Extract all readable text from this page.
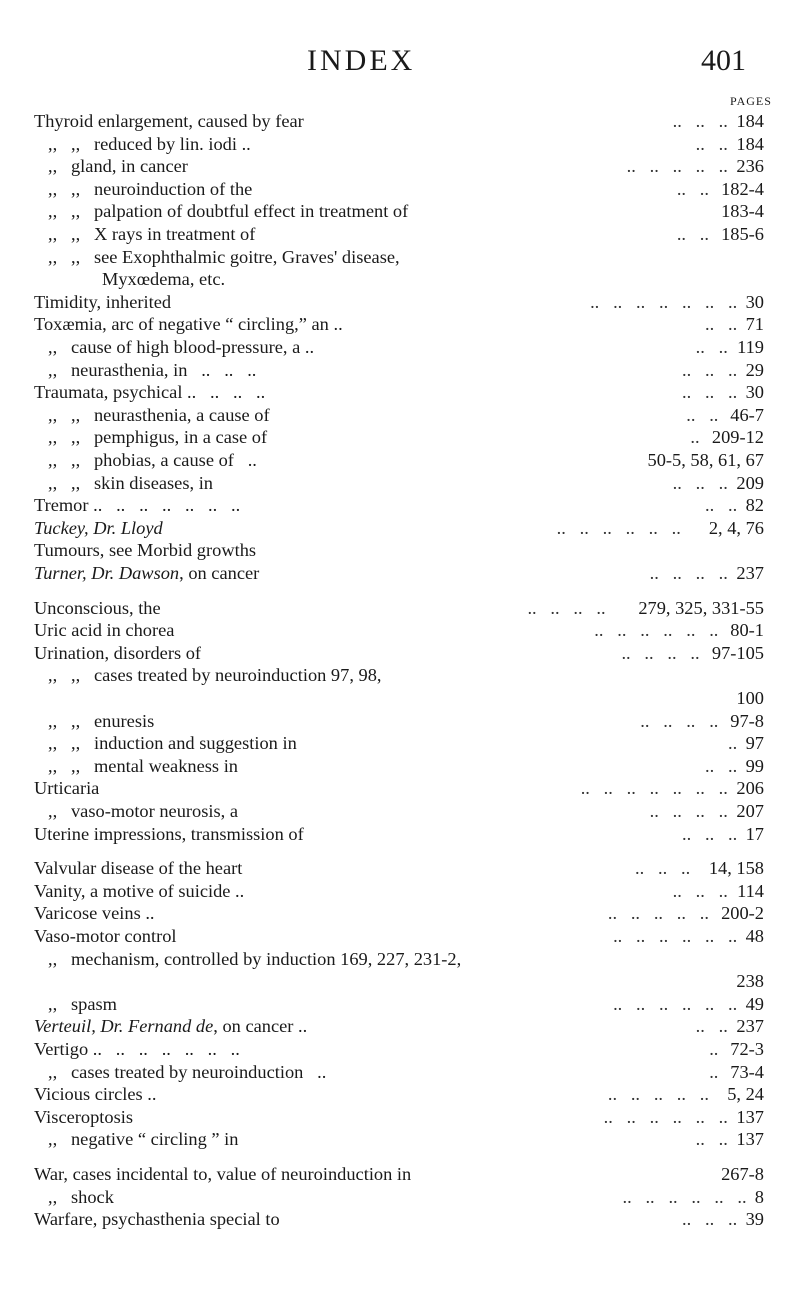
INDEX	401
PAGES
Thyroid enlargement, caused by fear	..   ..   .. 184
,,   ,,   reduced by lin. iodi ..	..   .. 184
,,   gland, in cancer	..   ..   ..   ..   .. 236
,,   ,,   neuroinduction of the	..   .. 182-4
,,   ,,   palpation of doubtful effect in treatment of	183-4
,,   ,,   X rays in treatment of	..   .. 185-6
,,   ,,   see Exophthalmic goitre, Graves' disease,
Myxœdema, etc.
Timidity, inherited	..   ..   ..   ..   ..   ..   .. 30
Toxæmia, arc of negative “ circling,” an ..	..   .. 71
,,   cause of high blood-pressure, a ..	..   .. 119
,,   neurasthenia, in   ..   ..   ..	..   ..   .. 29
Traumata, psychical ..   ..   ..   ..	..   ..   .. 30
,,   ,,   neurasthenia, a cause of	..   .. 46-7
,,   ,,   pemphigus, in a case of	.. 209-12
,,   ,,   phobias, a cause of   ..	50-5, 58, 61, 67
,,   ,,   skin diseases, in	..   ..   .. 209
Tremor ..   ..   ..   ..   ..   ..   ..	..   .. 82
Tuckey, Dr. Lloyd	..   ..   ..   ..   ..   .. 2, 4, 76
Tumours, see Morbid growths
Turner, Dr. Dawson, on cancer	..   ..   ..   .. 237
Unconscious, the	..   ..   ..   .. 279, 325, 331-55
Uric acid in chorea	..   ..   ..   ..   ..   .. 80-1
Urination, disorders of	..   ..   ..   .. 97-105
,,   ,,   cases treated by neuroinduction 97, 98,
100
,,   ,,   enuresis	..   ..   ..   .. 97-8
,,   ,,   induction and suggestion in	.. 97
,,   ,,   mental weakness in	..   .. 99
Urticaria	..   ..   ..   ..   ..   ..   .. 206
,,   vaso-motor neurosis, a	..   ..   ..   .. 207
Uterine impressions, transmission of	..   ..   .. 17
Valvular disease of the heart	..   ..   .. 14, 158
Vanity, a motive of suicide ..	..   ..   .. 114
Varicose veins ..	..   ..   ..   ..   .. 200-2
Vaso-motor control	..   ..   ..   ..   ..   .. 48
,,   mechanism, controlled by induction 169, 227, 231-2,
238
,,   spasm	..   ..   ..   ..   ..   .. 49
Verteuil, Dr. Fernand de, on cancer ..	..   .. 237
Vertigo ..   ..   ..   ..   ..   ..   ..	.. 72-3
,,   cases treated by neuroinduction   ..	.. 73-4
Vicious circles ..	..   ..   ..   ..   .. 5, 24
Visceroptosis	..   ..   ..   ..   ..   .. 137
,,   negative “ circling ” in	..   .. 137
War, cases incidental to, value of neuroinduction in	267-8
,,   shock	..   ..   ..   ..   ..   .. 8
Warfare, psychasthenia special to	..   ..   .. 39
